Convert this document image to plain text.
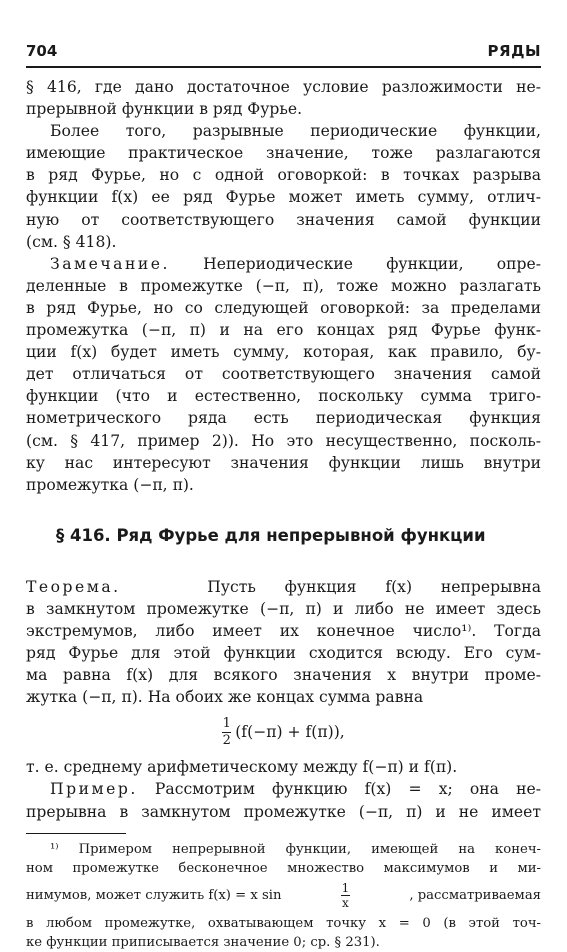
704	РЯДЫ
§ 416, где дано достаточное условие разложимости не-
прерывной функции в ряд Фурье.
Более того, разрывные периодические функции,
имеющие практическое значение, тоже разлагаются
в ряд Фурье, но с одной оговоркой: в точках разрыва
функции f(x) ее ряд Фурье может иметь сумму, отлич-
ную от соответствующего значения самой функции
(см. § 418).
Замечание. Непериодические функции, опре-
деленные в промежутке (−π, π), тоже можно разлагать
в ряд Фурье, но со следующей оговоркой: за пределами
промежутка (−π, π) и на его концах ряд Фурье функ-
ции f(x) будет иметь сумму, которая, как правило, бу-
дет отличаться от соответствующего значения самой
функции (что и естественно, поскольку сумма триго-
нометрического ряда есть периодическая функция
(см. § 417, пример 2)). Но это несущественно, посколь-
ку нас интересуют значения функции лишь внутри
промежутка (−π, π).
§ 416. Ряд Фурье для непрерывной функции
Теорема.	Пусть функция f(x) непрерывна
в замкнутом промежутке (−π, π) и либо не имеет здесь
экстремумов, либо имеет их конечное число¹⁾. Тогда
ряд Фурье для этой функции сходится всюду. Его сум-
ма равна f(x) для всякого значения x внутри проме-
жутка (−π, π). На обоих же концах сумма равна
$\frac{1}{2} (f(-\pi) + f(\pi))$,
т. е. среднему арифметическому между f(−π) и f(π).
Пример. Рассмотрим функцию f(x) = x; она не-
прерывна в замкнутом промежутке (−π, π) и не имеет
¹⁾ Примером непрерывной функции, имеющей на конеч-
ном промежутке бесконечное множество максимумов и ми-
нимумов, может служить f(x) = x sin	1
x	, рассматриваемая
в любом промежутке, охватывающем точку x = 0 (в этой точ-
ке функции приписывается значение 0; ср. § 231).
